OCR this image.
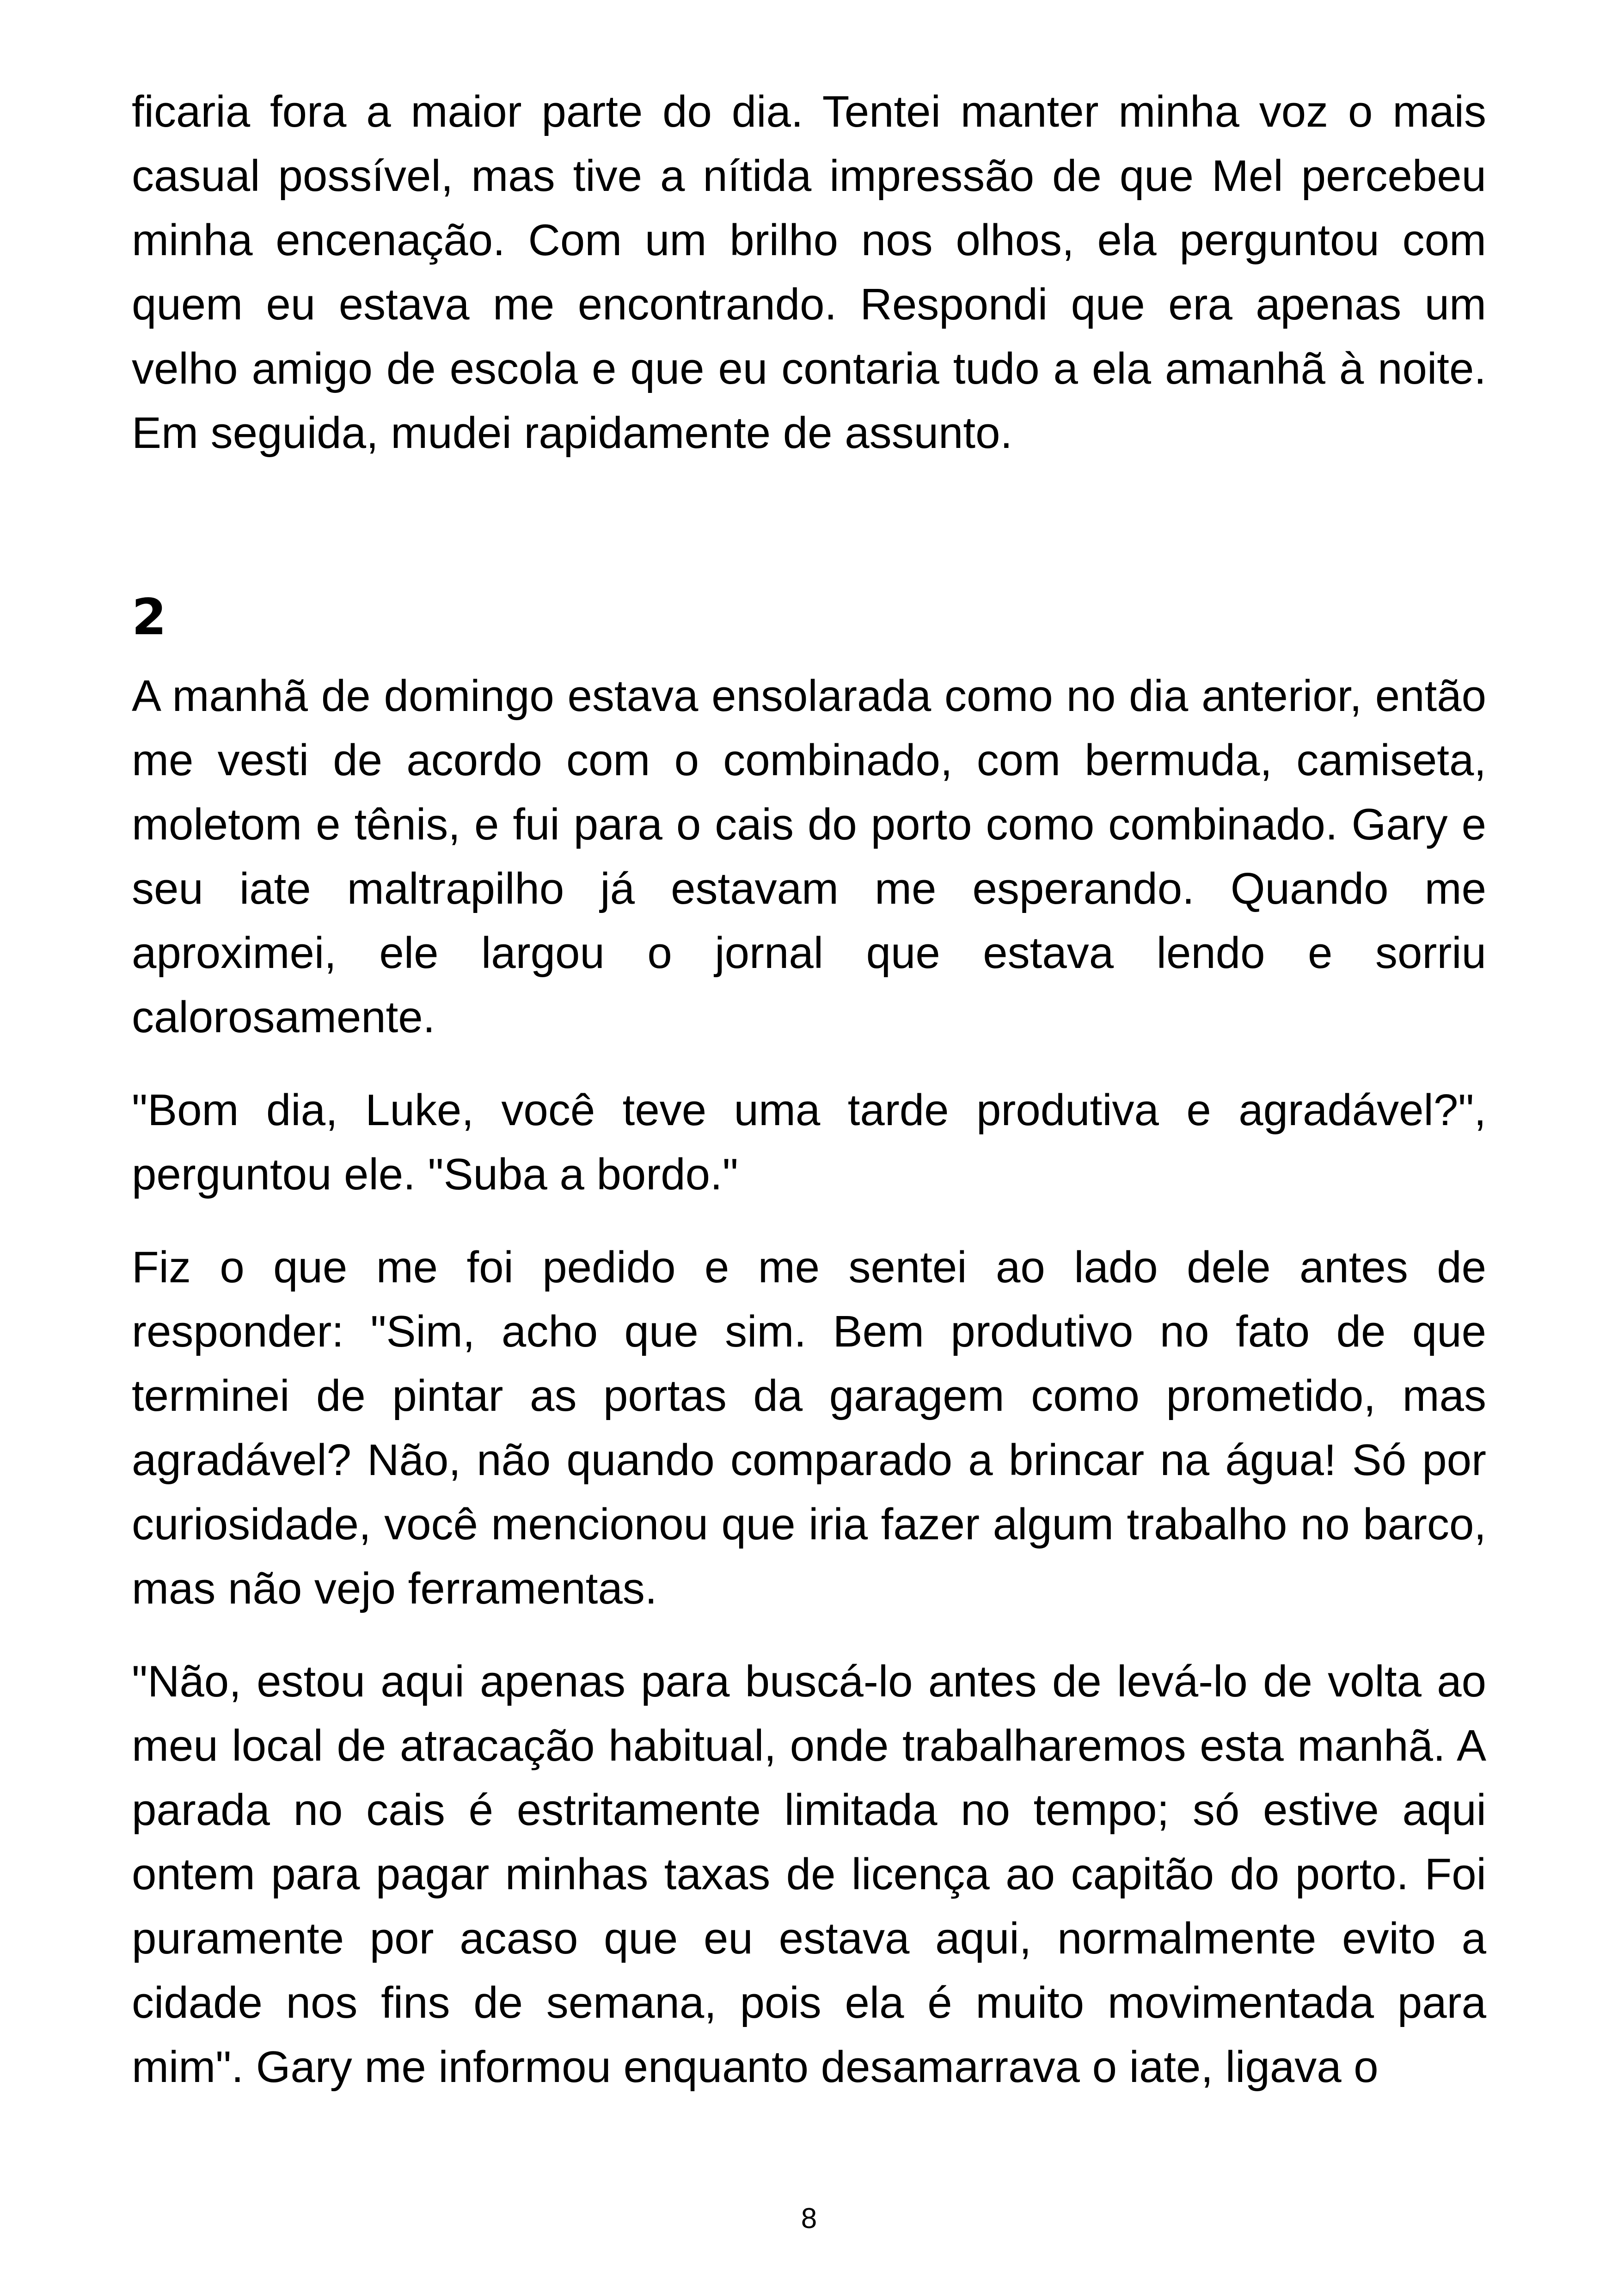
ficaria fora a maior parte do dia. Tentei manter minha voz o mais casual possível, mas tive a nítida impressão de que Mel percebeu minha encenação. Com um brilho nos olhos, ela perguntou com quem eu estava me encontrando. Respondi que era apenas um velho amigo de escola e que eu contaria tudo a ela amanhã à noite. Em seguida, mudei rapidamente de assunto.

2

A manhã de domingo estava ensolarada como no dia anterior, então me vesti de acordo com o combinado, com bermuda, camiseta, moletom e tênis, e fui para o cais do porto como combinado. Gary e seu iate maltrapilho já estavam me esperando. Quando me aproximei, ele largou o jornal que estava lendo e sorriu calorosamente.

"Bom dia, Luke, você teve uma tarde produtiva e agradável?", perguntou ele. "Suba a bordo."

Fiz o que me foi pedido e me sentei ao lado dele antes de responder: "Sim, acho que sim. Bem produtivo no fato de que terminei de pintar as portas da garagem como prometido, mas agradável? Não, não quando comparado a brincar na água! Só por curiosidade, você mencionou que iria fazer algum trabalho no barco, mas não vejo ferramentas.

"Não, estou aqui apenas para buscá-lo antes de levá-lo de volta ao meu local de atracação habitual, onde trabalharemos esta manhã. A parada no cais é estritamente limitada no tempo; só estive aqui ontem para pagar minhas taxas de licença ao capitão do porto. Foi puramente por acaso que eu estava aqui, normalmente evito a cidade nos fins de semana, pois ela é muito movimentada para mim". Gary me informou enquanto desamarrava o iate, ligava o

8
